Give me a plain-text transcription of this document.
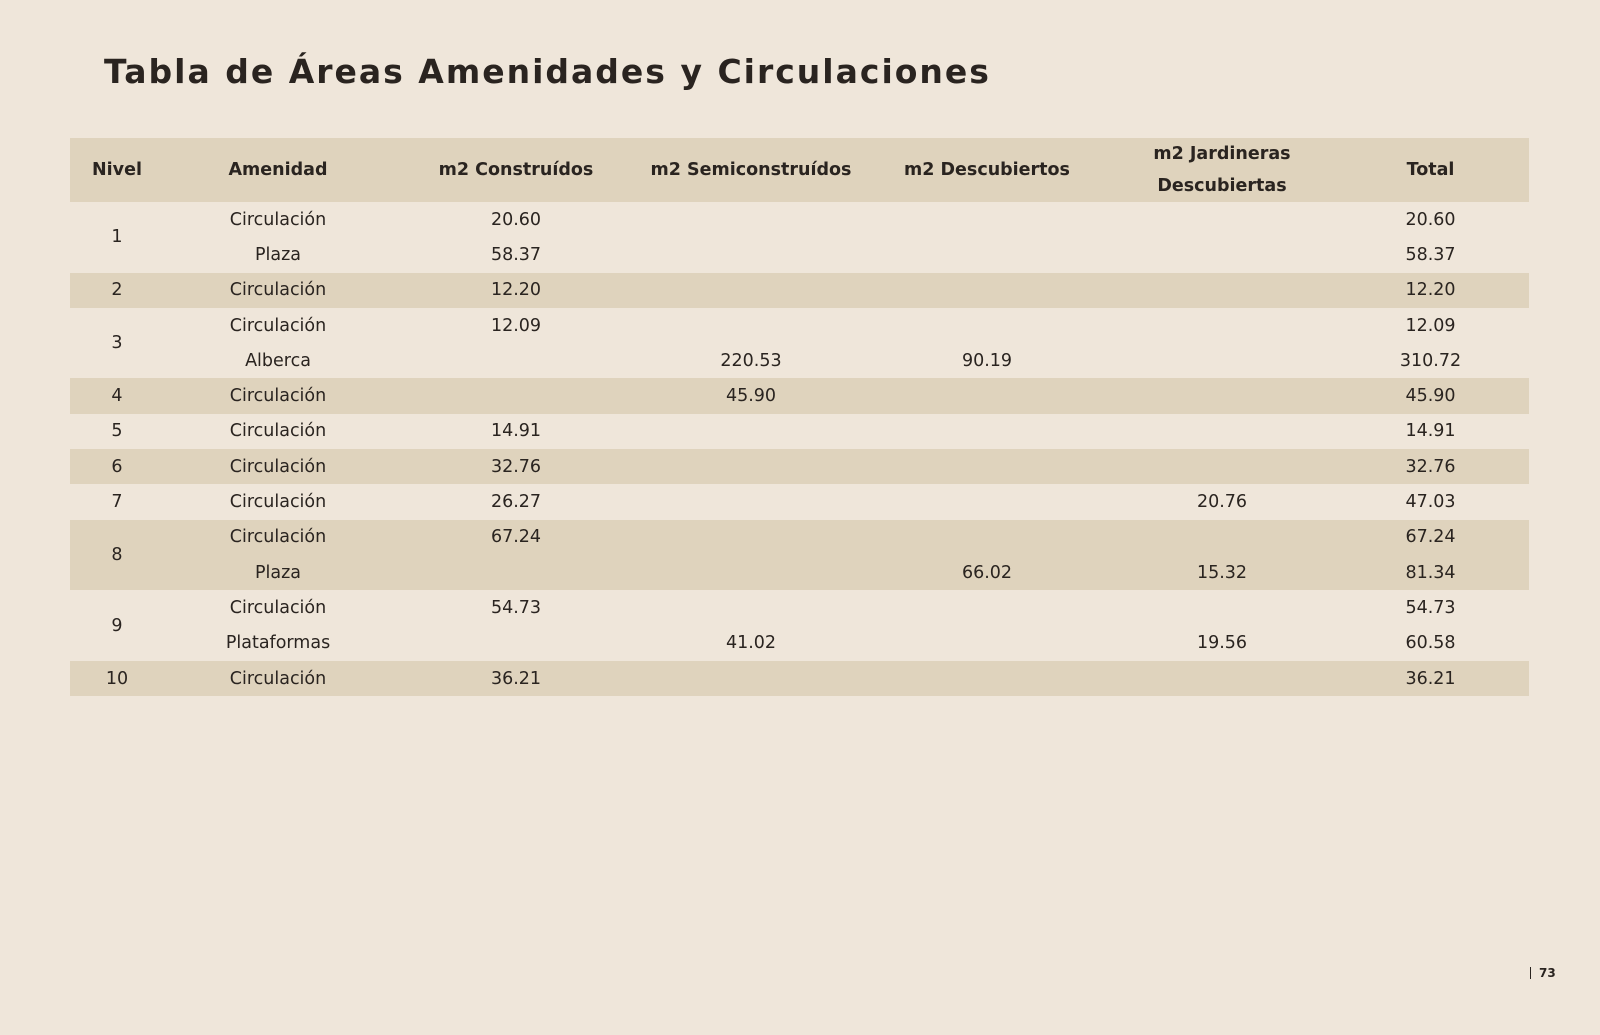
Tabla de Áreas Amenidades y Circulaciones
Nivel	Amenidad	m2 Construídos	m2 Semiconstruídos	m2 Descubiertos	m2 Jardineras
Descubiertas	Total
1	Circulación	20.60				20.60
	Plaza	58.37				58.37
2	Circulación	12.20				12.20
3	Circulación	12.09				12.09
	Alberca		220.53	90.19		310.72
4	Circulación		45.90			45.90
5	Circulación	14.91				14.91
6	Circulación	32.76				32.76
7	Circulación	26.27			20.76	47.03
8	Circulación	67.24				67.24
	Plaza			66.02	15.32	81.34
9	Circulación	54.73				54.73
	Plataformas		41.02		19.56	60.58
10	Circulación	36.21				36.21
73
